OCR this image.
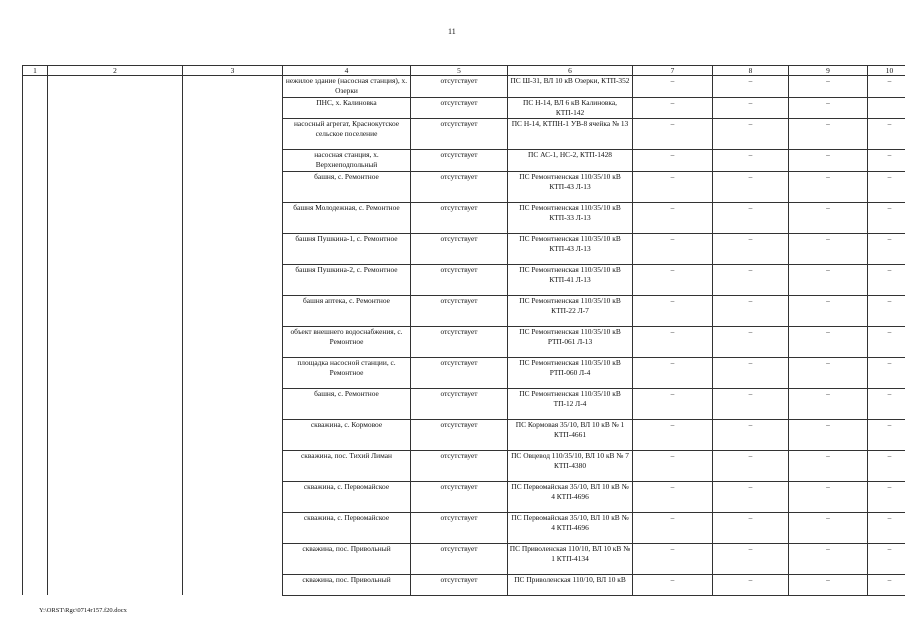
11
1	2	3	4	5	6	7	8	9	10
			нежилое здание (насосная станция), х. Озерки	отсутствует	ПС Ш-31, ВЛ 10 кВ Озерки, КТП-352	–	–	–	–
			ПНС, х. Калиновка	отсутствует	ПС Н-14, ВЛ 6 кВ Калиновка, КТП-142	–	–	–	
			насосный агрегат, Краснокутское сельское поселение	отсутствует	ПС Н-14, КТПН-1 УВ-8 ячейка № 13	–	–	–	–
			насосная станция, х. Верхнеподпольный	отсутствует	ПС АС-1, НС-2, КТП-1428	–	–	–	–
			башня, с. Ремонтное	отсутствует	ПС Ремонтненская 110/35/10 кВ КТП-43 Л-13	–	–	–	–
			башня Молодежная, с. Ремонтное	отсутствует	ПС Ремонтненская 110/35/10 кВ КТП-33 Л-13	–	–	–	–
			башня Пушкина-1, с. Ремонтное	отсутствует	ПС Ремонтненская 110/35/10 кВ КТП-43 Л-13	–	–	–	–
			башня Пушкина-2, с. Ремонтное	отсутствует	ПС Ремонтненская 110/35/10 кВ КТП-41 Л-13	–	–	–	–
			башня аптека, с. Ремонтное	отсутствует	ПС Ремонтненская 110/35/10 кВ КТП-22 Л-7	–	–	–	–
			объект внешнего водоснабжения, с. Ремонтное	отсутствует	ПС Ремонтненская 110/35/10 кВ РТП-061 Л-13	–	–	–	–
			площадка насосной станции, с. Ремонтное	отсутствует	ПС Ремонтненская 110/35/10 кВ РТП-060 Л-4	–	–	–	–
			башня, с. Ремонтное	отсутствует	ПС Ремонтненская 110/35/10 кВ ТП-12 Л-4	–	–	–	–
			скважина, с. Кормовое	отсутствует	ПС Кормовая 35/10, ВЛ 10 кВ № 1 КТП-4661	–	–	–	–
			скважина, пос. Тихий Лиман	отсутствует	ПС Овцевод 110/35/10, ВЛ 10 кВ № 7 КТП-4380	–	–	–	–
			скважина, с. Первомайское	отсутствует	ПС Первомайская 35/10, ВЛ 10 кВ № 4 КТП-4696	–	–	–	–
			скважина, с. Первомайское	отсутствует	ПС Первомайская 35/10, ВЛ 10 кВ № 4 КТП-4696	–	–	–	–
			скважина, пос. Привольный	отсутствует	ПС Приволенская 110/10, ВЛ 10 кВ № 1 КТП-4134	–	–	–	–
			скважина, пос. Привольный	отсутствует	ПС Приволенская 110/10, ВЛ 10 кВ	–	–	–	–
Y:\ORST\Rgc\0714r157.f20.docx
